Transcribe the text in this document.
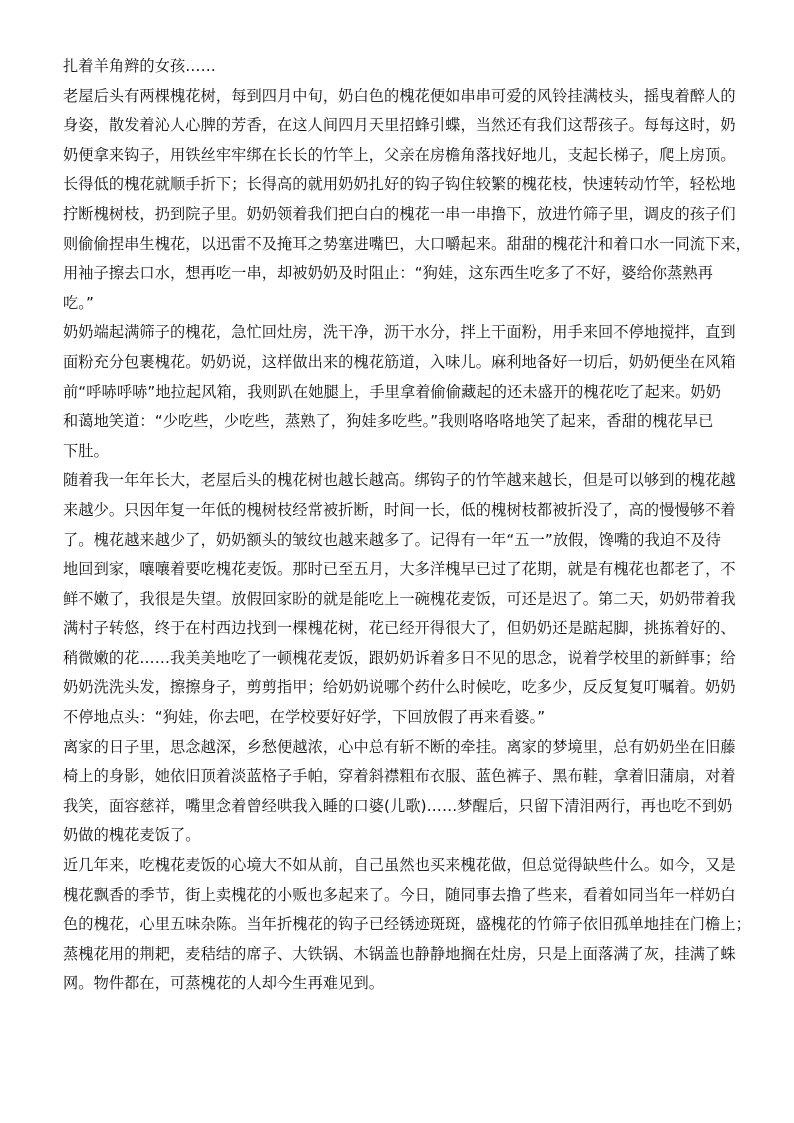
扎着羊角辫的女孩……
老屋后头有两棵槐花树，每到四月中旬，奶白色的槐花便如串串可爱的风铃挂满枝头，摇曳着醉人的
身姿，散发着沁人心脾的芳香，在这人间四月天里招蜂引蝶，当然还有我们这帮孩子。每每这时，奶
奶便拿来钩子，用铁丝牢牢绑在长长的竹竿上，父亲在房檐角落找好地儿，支起长梯子，爬上房顶。
长得低的槐花就顺手折下；长得高的就用奶奶扎好的钩子钩住较繁的槐花枝，快速转动竹竿，轻松地
拧断槐树枝，扔到院子里。奶奶领着我们把白白的槐花一串一串撸下，放进竹筛子里，调皮的孩子们
则偷偷捏串生槐花，以迅雷不及掩耳之势塞进嘴巴，大口嚼起来。甜甜的槐花汁和着口水一同流下来，
用袖子擦去口水，想再吃一串，却被奶奶及时阻止：“狗娃，这东西生吃多了不好，婆给你蒸熟再
吃。”
奶奶端起满筛子的槐花，急忙回灶房，洗干净，沥干水分，拌上干面粉，用手来回不停地搅拌，直到
面粉充分包裹槐花。奶奶说，这样做出来的槐花筋道，入味儿。麻利地备好一切后，奶奶便坐在风箱
前“呼哧呼哧”地拉起风箱，我则趴在她腿上，手里拿着偷偷藏起的还未盛开的槐花吃了起来。奶奶
和蔼地笑道：“少吃些，少吃些，蒸熟了，狗娃多吃些。”我则咯咯咯地笑了起来，香甜的槐花早已
下肚。
随着我一年年长大，老屋后头的槐花树也越长越高。绑钩子的竹竿越来越长，但是可以够到的槐花越
来越少。只因年复一年低的槐树枝经常被折断，时间一长，低的槐树枝都被折没了，高的慢慢够不着
了。槐花越来越少了，奶奶额头的皱纹也越来越多了。记得有一年“五一”放假，馋嘴的我迫不及待
地回到家，嚷嚷着要吃槐花麦饭。那时已至五月，大多洋槐早已过了花期，就是有槐花也都老了，不
鲜不嫩了，我很是失望。放假回家盼的就是能吃上一碗槐花麦饭，可还是迟了。第二天，奶奶带着我
满村子转悠，终于在村西边找到一棵槐花树，花已经开得很大了，但奶奶还是踮起脚，挑拣着好的、
稍微嫩的花……我美美地吃了一顿槐花麦饭，跟奶奶诉着多日不见的思念，说着学校里的新鲜事；给
奶奶洗洗头发，擦擦身子，剪剪指甲；给奶奶说哪个药什么时候吃，吃多少，反反复复叮嘱着。奶奶
不停地点头：“狗娃，你去吧，在学校要好好学，下回放假了再来看婆。”
离家的日子里，思念越深，乡愁便越浓，心中总有斩不断的牵挂。离家的梦境里，总有奶奶坐在旧藤
椅上的身影，她依旧顶着淡蓝格子手帕，穿着斜襟粗布衣服、蓝色裤子、黑布鞋，拿着旧蒲扇，对着
我笑，面容慈祥，嘴里念着曾经哄我入睡的口婆(儿歌)……梦醒后，只留下清泪两行，再也吃不到奶
奶做的槐花麦饭了。
近几年来，吃槐花麦饭的心境大不如从前，自己虽然也买来槐花做，但总觉得缺些什么。如今，又是
槐花飘香的季节，街上卖槐花的小贩也多起来了。今日，随同事去撸了些来，看着如同当年一样奶白
色的槐花，心里五味杂陈。当年折槐花的钩子已经锈迹斑斑，盛槐花的竹筛子依旧孤单地挂在门檐上；
蒸槐花用的荆耙，麦秸结的席子、大铁锅、木锅盖也静静地搁在灶房，只是上面落满了灰，挂满了蛛
网。物件都在，可蒸槐花的人却今生再难见到。
